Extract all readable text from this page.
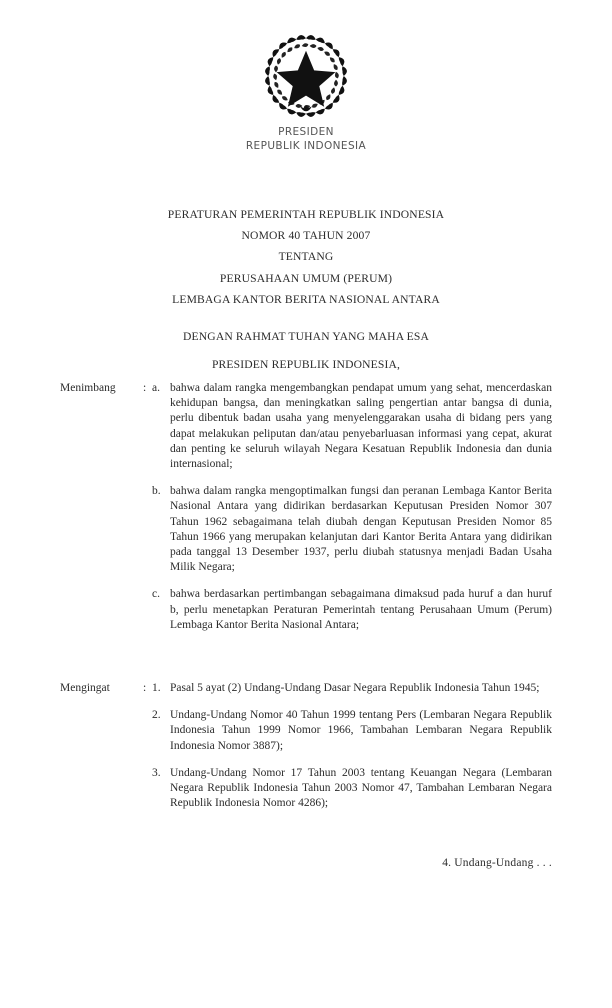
PRESIDEN
REPUBLIK INDONESIA
PERATURAN PEMERINTAH REPUBLIK INDONESIA
NOMOR 40 TAHUN 2007
TENTANG
PERUSAHAAN UMUM (PERUM)
LEMBAGA KANTOR BERITA NASIONAL ANTARA
DENGAN RAHMAT TUHAN YANG MAHA ESA
PRESIDEN REPUBLIK INDONESIA,
Menimbang	: a. bahwa dalam rangka mengembangkan pendapat umum yang sehat, mencerdaskan kehidupan bangsa, dan meningkatkan saling pengertian antar bangsa di dunia, perlu dibentuk badan usaha yang menyelenggarakan usaha di bidang pers yang dapat melakukan peliputan dan/atau penyebarluasan informasi yang cepat, akurat dan penting ke seluruh wilayah Negara Kesatuan Republik Indonesia dan dunia internasional;
b. bahwa dalam rangka mengoptimalkan fungsi dan peranan Lembaga Kantor Berita Nasional Antara yang didirikan berdasarkan Keputusan Presiden Nomor 307 Tahun 1962 sebagaimana telah diubah dengan Keputusan Presiden Nomor 85 Tahun 1966 yang merupakan kelanjutan dari Kantor Berita Antara yang didirikan pada tanggal 13 Desember 1937, perlu diubah statusnya menjadi Badan Usaha Milik Negara;
c. bahwa berdasarkan pertimbangan sebagaimana dimaksud pada huruf a dan huruf b, perlu menetapkan Peraturan Pemerintah tentang Perusahaan Umum (Perum) Lembaga Kantor Berita Nasional Antara;
Mengingat	: 1. Pasal 5 ayat (2) Undang-Undang Dasar Negara Republik Indonesia Tahun 1945;
2. Undang-Undang Nomor 40 Tahun 1999 tentang Pers (Lembaran Negara Republik Indonesia Tahun 1999 Nomor 1966, Tambahan Lembaran Negara Republik Indonesia Nomor 3887);
3. Undang-Undang Nomor 17 Tahun 2003 tentang Keuangan Negara (Lembaran Negara Republik Indonesia Tahun 2003 Nomor 47, Tambahan Lembaran Negara Republik Indonesia Nomor 4286);
4. Undang-Undang . . .
